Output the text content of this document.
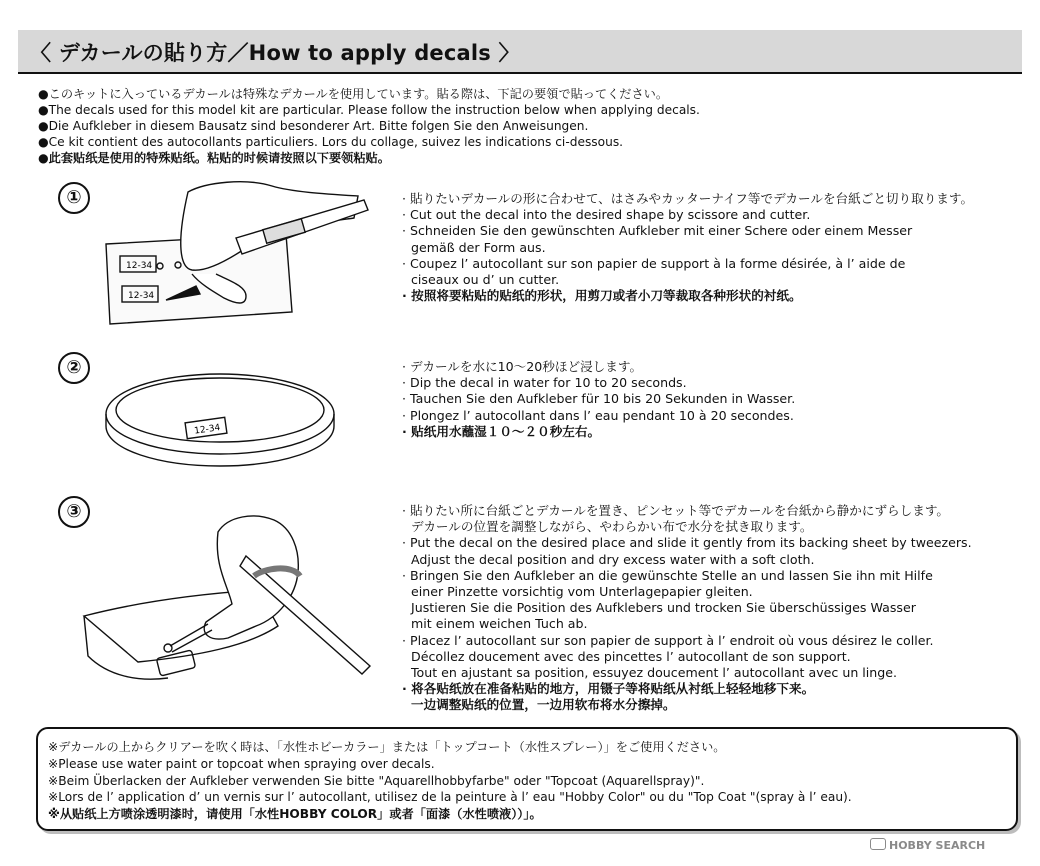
〈 デカールの貼り方／How to apply decals 〉
●このキットに入っているデカールは特殊なデカールを使用しています。貼る際は、下記の要領で貼ってください。
●The decals used for this model kit are particular. Please follow the instruction below when applying decals.
●Die Aufkleber in diesem Bausatz sind besonderer Art. Bitte folgen Sie den Anweisungen.
●Ce kit contient des autocollants particuliers. Lors du collage, suivez les indications ci-dessous.
●此套贴纸是使用的特殊贴纸。粘贴的时候请按照以下要领粘贴。
①
12-34
12-34
· 貼りたいデカールの形に合わせて、はさみやカッターナイフ等でデカールを台紙ごと切り取ります。
· Cut out the decal into the desired shape by scissore and cutter.
· Schneiden Sie den gewünschten Aufkleber mit einer Schere oder einem Messer
gemäß der Form aus.
· Coupez l’ autocollant sur son papier de support à la forme désirée, à l’ aide de
ciseaux ou d’ un cutter.
· 按照将要粘贴的贴纸的形状，用剪刀或者小刀等裁取各种形状的衬纸。
②
12-34
· デカールを水に10～20秒ほど浸します。
· Dip the decal in water for 10 to 20 seconds.
· Tauchen Sie den Aufkleber für 10 bis 20 Sekunden in Wasser.
· Plongez l’ autocollant dans l’ eau pendant 10 à 20 secondes.
· 贴纸用水蘸湿１０～２０秒左右。
③	· 貼りたい所に台紙ごとデカールを置き、ピンセット等でデカールを台紙から静かにずらします。
デカールの位置を調整しながら、やわらかい布で水分を拭き取ります。
· Put the decal on the desired place and slide it gently from its backing sheet by tweezers.
Adjust the decal position and dry excess water with a soft cloth.
· Bringen Sie den Aufkleber an die gewünschte Stelle an und lassen Sie ihn mit Hilfe
einer Pinzette vorsichtig vom Unterlagepapier gleiten.
Justieren Sie die Position des Aufklebers und trocken Sie überschüssiges Wasser
mit einem weichen Tuch ab.
· Placez l’ autocollant sur son papier de support à l’ endroit où vous désirez le coller.
Décollez doucement avec des pincettes l’ autocollant de son support.
Tout en ajustant sa position, essuyez doucement l’ autocollant avec un linge.
· 将各贴纸放在准备粘贴的地方，用镊子等将贴纸从衬纸上轻轻地移下来。
一边调整贴纸的位置，一边用软布将水分擦掉。
※デカールの上からクリアーを吹く時は、「水性ホビーカラー」または「トップコート（水性スプレー）」をご使用ください。
※Please use water paint or topcoat when spraying over decals.
※Beim Überlacken der Aufkleber verwenden Sie bitte "Aquarellhobbyfarbe" oder "Topcoat (Aquarellspray)".
※Lors de l’ application d’ un vernis sur l’ autocollant, utilisez de la peinture à l’ eau "Hobby Color" ou du "Top Coat "(spray à l’ eau).
※从贴纸上方喷涂透明漆时，请使用「水性HOBBY COLOR」或者「面漆（水性喷液））」。
HOBBY SEARCH
